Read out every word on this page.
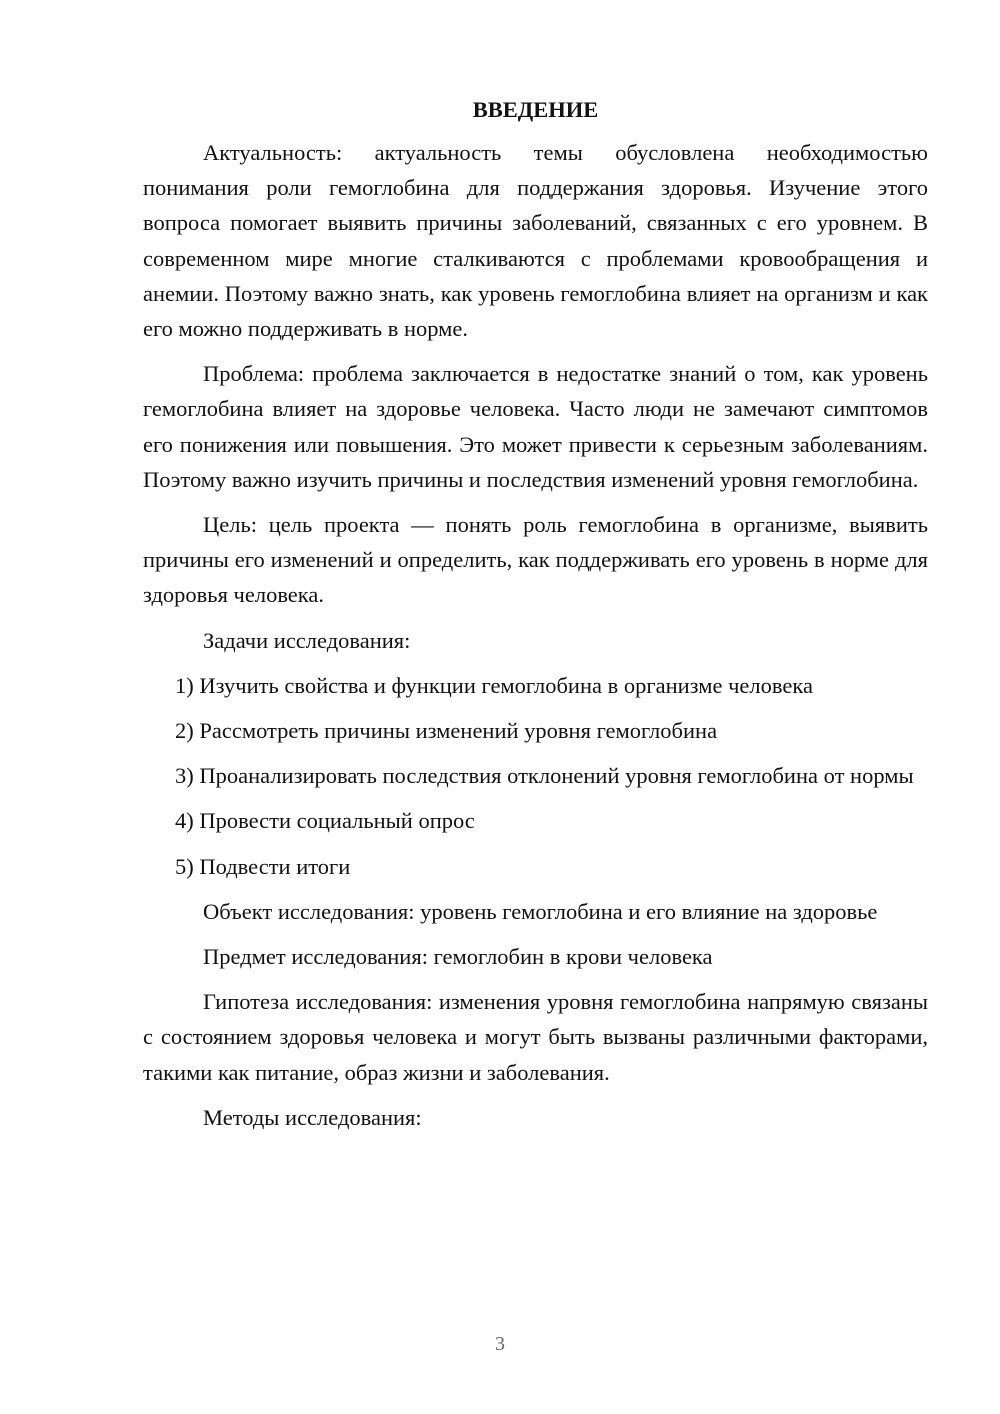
ВВЕДЕНИЕ

Актуальность: актуальность темы обусловлена необходимостью понимания роли гемоглобина для поддержания здоровья. Изучение этого вопроса помогает выявить причины заболеваний, связанных с его уровнем. В современном мире многие сталкиваются с проблемами кровообращения и анемии. Поэтому важно знать, как уровень гемоглобина влияет на организм и как его можно поддерживать в норме.

Проблема: проблема заключается в недостатке знаний о том, как уровень гемоглобина влияет на здоровье человека. Часто люди не замечают симптомов его понижения или повышения. Это может привести к серьезным заболеваниям. Поэтому важно изучить причины и последствия изменений уровня гемоглобина.

Цель: цель проекта — понять роль гемоглобина в организме, выявить причины его изменений и определить, как поддерживать его уровень в норме для здоровья человека.

Задачи исследования:

1) Изучить свойства и функции гемоглобина в организме человека

2) Рассмотреть причины изменений уровня гемоглобина

3) Проанализировать последствия отклонений уровня гемоглобина от нормы

4) Провести социальный опрос

5) Подвести итоги

Объект исследования: уровень гемоглобина и его влияние на здоровье

Предмет исследования: гемоглобин в крови человека

Гипотеза исследования: изменения уровня гемоглобина напрямую связаны с состоянием здоровья человека и могут быть вызваны различными факторами, такими как питание, образ жизни и заболевания.

Методы исследования:

3
